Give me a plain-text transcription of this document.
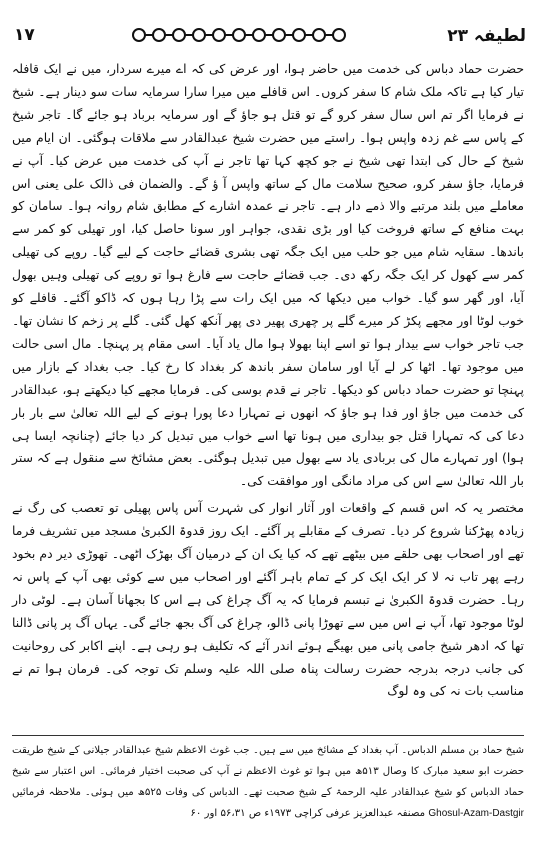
۱۷	لطیفہ ۲۳

حضرت حماد دباس کی خدمت میں حاضر ہوا، اور عرض کی کہ اے میرے سردار، میں نے ایک قافلہ تیار کیا ہے تاکہ ملک شام کا سفر کروں۔ اس قافلے میں میرا سارا سرمایہ سات سو دینار ہے۔ شیخ نے فرمایا اگر تم اس سال سفر کرو گے تو قتل ہو جاؤ گے اور سرمایہ برباد ہو جائے گا۔ تاجر شیخ کے پاس سے غم زدہ واپس ہوا۔ راستے میں حضرت شیخ عبدالقادر سے ملاقات ہوگئی۔ ان ایام میں شیخ کے حال کی ابتدا تھی شیخ نے جو کچھ کہا تھا تاجر نے آپ کی خدمت میں عرض کیا۔ آپ نے فرمایا، جاؤ سفر کرو، صحیح سلامت مال کے ساتھ واپس آ ؤ گے۔ والضمان فی ذالک علی یعنی اس معاملے میں بلند مرتبے والا ذمے دار ہے۔ تاجر نے عمدہ اشارے کے مطابق شام روانہ ہوا۔ سامان کو بہت منافع کے ساتھ فروخت کیا اور بڑی نقدی، جواہر اور سونا حاصل کیا، اور تھیلی کو کمر سے باندھا۔ سقایہ شام میں جو حلب میں ایک جگہ تھی بشری قضائے حاجت کے لیے گیا۔ روپے کی تھیلی کمر سے کھول کر ایک جگہ رکھ دی۔ جب قضائے حاجت سے فارغ ہوا تو روپے کی تھیلی وہیں بھول آیا، اور گھر سو گیا۔ خواب میں دیکھا کہ میں ایک رات سے پڑا رہا ہوں کہ ڈاکو آگئے۔ قافلے کو خوب لوٹا اور مجھے پکڑ کر میرے گلے پر چھری پھیر دی پھر آنکھ کھل گئی۔ گلے پر زخم کا نشان تھا۔ جب تاجر خواب سے بیدار ہوا تو اسے اپنا بھولا ہوا مال یاد آیا۔ اسی مقام پر پہنچا۔ مال اسی حالت میں موجود تھا۔ اٹھا کر لے آیا اور سامان سفر باندھ کر بغداد کا رخ کیا۔ جب بغداد کے بازار میں پہنچا تو حضرت حماد دباس کو دیکھا۔ تاجر نے قدم بوسی کی۔ فرمایا مجھے کیا دیکھتے ہو، عبدالقادر کی خدمت میں جاؤ اور فدا ہو جاؤ کہ انھوں نے تمہارا دعا پورا ہونے کے لیے اللہ تعالیٰ سے بار بار دعا کی کہ تمہارا قتل جو بیداری میں ہونا تھا اسے خواب میں تبدیل کر دیا جائے (چنانچہ ایسا ہی ہوا) اور تمہارے مال کی بربادی یاد سے بھول میں تبدیل ہوگئی۔ بعض مشائخ سے منقول ہے کہ ستر بار اللہ تعالیٰ سے اس کی مراد مانگی اور موافقت کی۔

مختصر یہ کہ اس قسم کے واقعات اور آثار انوار کی شہرت آس پاس پھیلی تو تعصب کی رگ نے زیادہ پھڑکنا شروع کر دیا۔ تصرف کے مقابلے پر آگئے۔ ایک روز قدوۃ الکبریٰ مسجد میں تشریف فرما تھے اور اصحاب بھی حلقے میں بیٹھے تھے کہ کیا یک ان کے درمیان آگ بھڑک اٹھی۔ تھوڑی دیر دم بخود رہے پھر تاب نہ لا کر ایک ایک کر کے تمام باہر آگئے اور اصحاب میں سے کوئی بھی آپ کے پاس نہ رہا۔ حضرت قدوۃ الکبریٰ نے تبسم فرمایا کہ یہ آگ چراغ کی ہے اس کا بجھانا آسان ہے۔ لوٹی دار لوٹا موجود تھا، آپ نے اس میں سے تھوڑا پانی ڈالو، چراغ کی آگ بجھ جائے گی۔ یہاں آگ پر پانی ڈالنا تھا کہ ادھر شیخ جامی پانی میں بھیگے ہوئے اندر آئے کہ تکلیف ہو رہی ہے۔ اپنے اکابر کی روحانیت کی جانب درجہ بدرجہ حضرت رسالت پناہ صلی اللہ علیہ وسلم تک توجہ کی۔ فرمان ہوا تم نے مناسب بات نہ کی وہ لوگ

شیخ حماد بن مسلم الدباس۔ آپ بغداد کے مشائخ میں سے ہیں۔ جب غوث الاعظم شیخ عبدالقادر جیلانی کے شیخ طریقت حضرت ابو سعید مبارک کا وصال ۵۱۳ھ میں ہوا تو غوث الاعظم نے آپ کی صحبت اختیار فرمائی۔ اس اعتبار سے شیخ حماد الدباس کو شیخ عبدالقادر علیہ الرحمۃ کے شیخ صحبت تھے۔ الدباس کی وفات ۵۲۵ھ میں ہوئی۔ ملاحظہ فرمائیں Ghosul-Azam-Dastgir مصنفہ عبدالعزیز عرفی کراچی ۱۹۷۳ء ص ۵۶،۳۱ اور ۶۰
